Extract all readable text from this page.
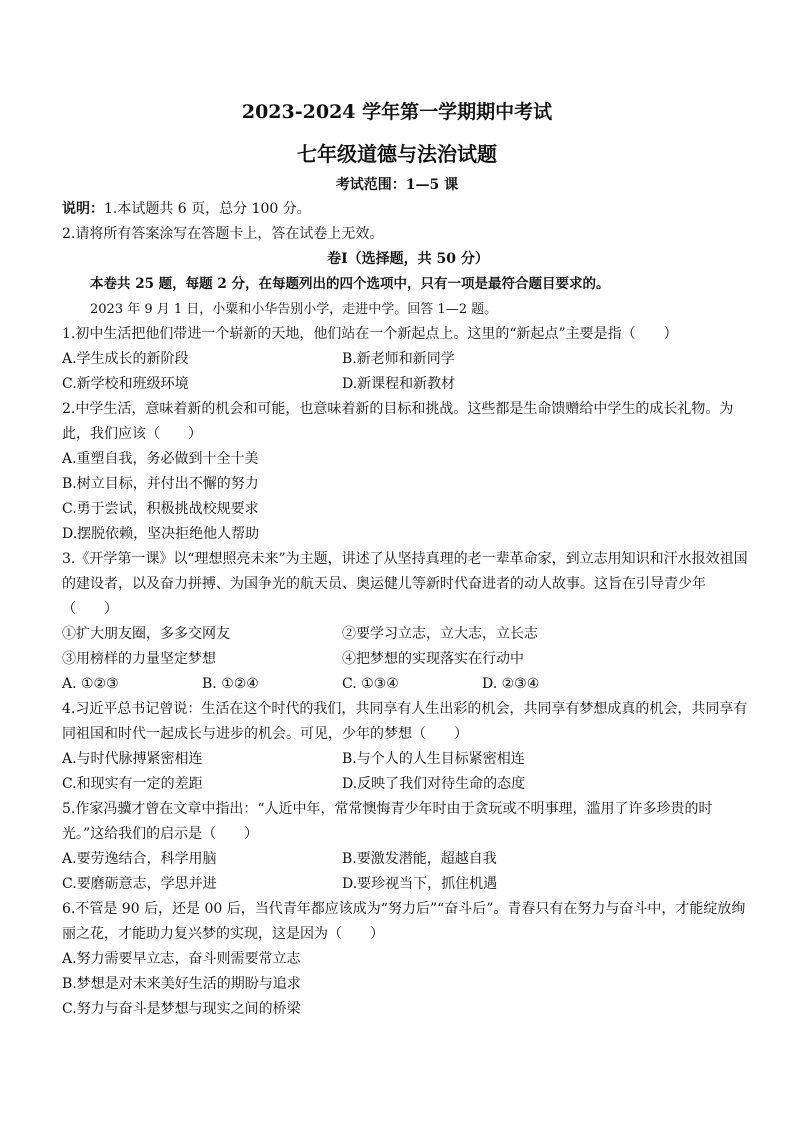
2023-2024 学年第一学期期中考试
七年级道德与法治试题
考试范围：1—5 课
说明：1.本试题共 6 页，总分 100 分。
2.请将所有答案涂写在答题卡上，答在试卷上无效。
卷Ⅰ（选择题，共 50 分）
本卷共 25 题，每题 2 分，在每题列出的四个选项中，只有一项是最符合题目要求的。
2023 年 9 月 1 日，小粟和小华告别小学，走进中学。回答 1—2 题。
1.初中生活把他们带进一个崭新的天地，他们站在一个新起点上。这里的“新起点”主要是指（　　）
A.学生成长的新阶段	B.新老师和新同学
C.新学校和班级环境	D.新课程和新教材
2.中学生活，意味着新的机会和可能，也意味着新的目标和挑战。这些都是生命馈赠给中学生的成长礼物。为此，我们应该（　　）
A.重塑自我，务必做到十全十美
B.树立目标，并付出不懈的努力
C.勇于尝试，积极挑战校规要求
D.摆脱依赖，坚决拒绝他人帮助
3.《开学第一课》以“理想照亮未来”为主题，讲述了从坚持真理的老一辈革命家，到立志用知识和汗水报效祖国的建设者，以及奋力拼搏、为国争光的航天员、奥运健儿等新时代奋进者的动人故事。这旨在引导青少年（　　）
①扩大朋友圈，多多交网友	②要学习立志，立大志，立长志
③用榜样的力量坚定梦想	④把梦想的实现落实在行动中
A. ①②③	B. ①②④	C. ①③④	D. ②③④
4.习近平总书记曾说：生活在这个时代的我们，共同享有人生出彩的机会，共同享有梦想成真的机会，共同享有同祖国和时代一起成长与进步的机会。可见，少年的梦想（　　）
A.与时代脉搏紧密相连	B.与个人的人生目标紧密相连
C.和现实有一定的差距	D.反映了我们对待生命的态度
5.作家冯骥才曾在文章中指出：“人近中年，常常懊悔青少年时由于贪玩或不明事理，滥用了许多珍贵的时光。”这给我们的启示是（　　）
A.要劳逸结合，科学用脑	B.要激发潜能，超越自我
C.要磨砺意志，学思并进	D.要珍视当下，抓住机遇
6.不管是 90 后，还是 00 后，当代青年都应该成为“努力后”“奋斗后”。青春只有在努力与奋斗中，才能绽放绚丽之花，才能助力复兴梦的实现，这是因为（　　）
A.努力需要早立志，奋斗则需要常立志
B.梦想是对未来美好生活的期盼与追求
C.努力与奋斗是梦想与现实之间的桥梁
